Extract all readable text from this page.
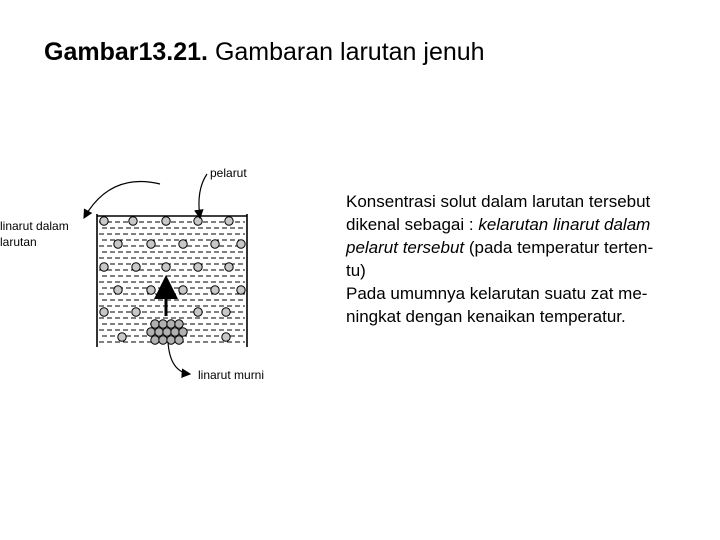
Gambar13.21. Gambaran larutan jenuh
pelarut
linarut dalam
larutan
linarut murni

Konsentrasi solut dalam larutan tersebut

dikenal sebagai : kelarutan linarut dalam

pelarut tersebut (pada temperatur terten-

tu)

Pada umumnya kelarutan suatu zat me-

ningkat dengan kenaikan temperatur.
